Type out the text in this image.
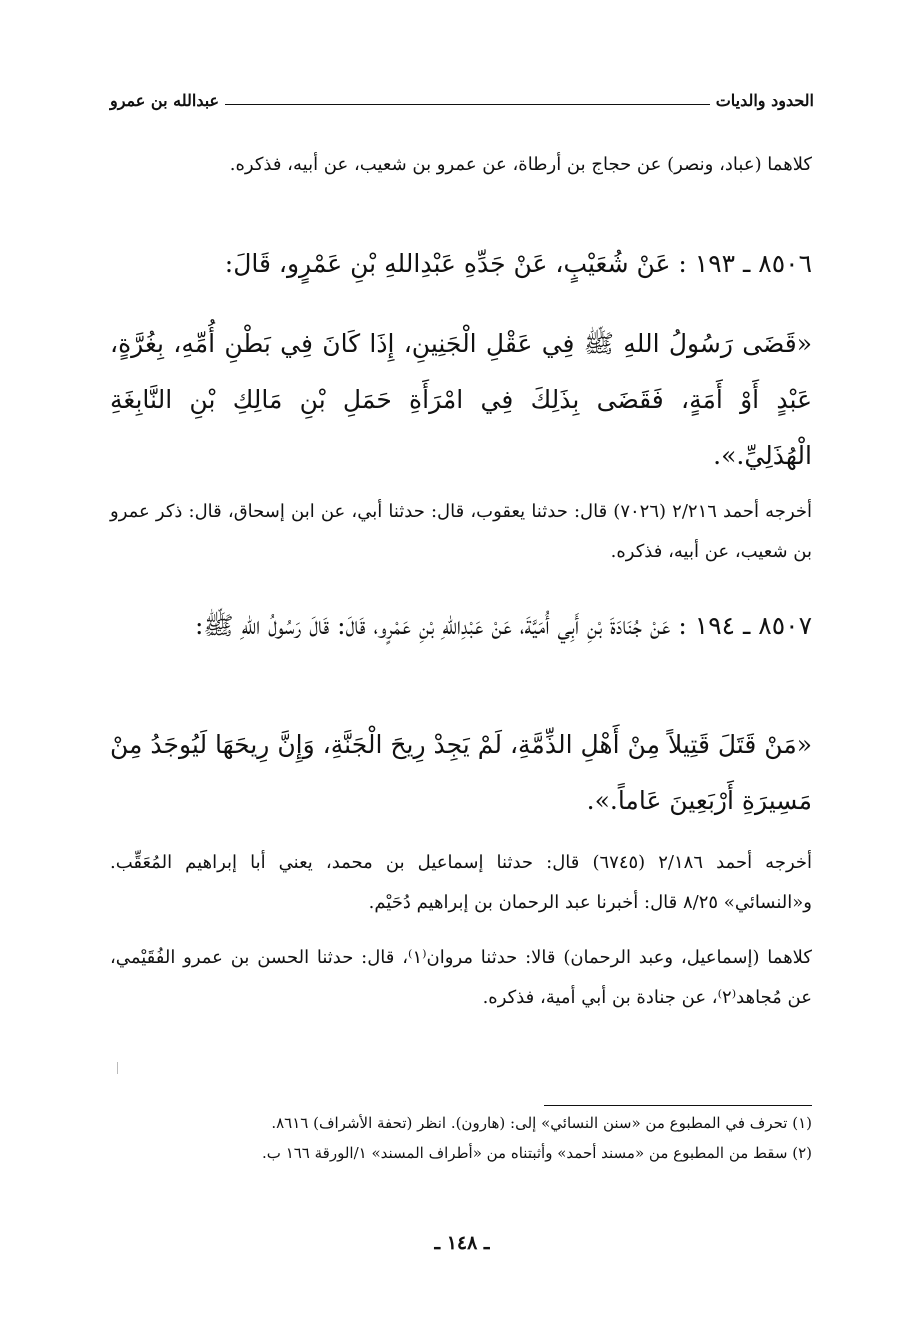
الحدود والديات
عبدالله بن عمرو
كلاهما (عباد، ونصر) عن حجاج بن أرطاة، عن عمرو بن شعيب، عن أبيه، فذكره.
٨٥٠٦ ـ ١٩٣ : عَنْ شُعَيْبٍ، عَنْ جَدِّهِ عَبْدِاللهِ بْنِ عَمْرٍو، قَالَ:
«قَضَى رَسُولُ اللهِ ﷺ فِي عَقْلِ الْجَنِينِ، إِذَا كَانَ فِي بَطْنِ أُمِّهِ، بِغُرَّةٍ، عَبْدٍ أَوْ أَمَةٍ، فَقَضَى بِذَلِكَ فِي امْرَأَةِ حَمَلِ بْنِ مَالِكِ بْنِ النَّابِغَةِ الْهُذَلِيِّ.».
أخرجه أحمد ٢/٢١٦ (٧٠٢٦) قال: حدثنا يعقوب، قال: حدثنا أبي، عن ابن إسحاق، قال: ذكر عمرو بن شعيب، عن أبيه، فذكره.
٨٥٠٧ ـ ١٩٤ : عَنْ جُنَادَةَ بْنِ أَبِي أُمَيَّةَ، عَنْ عَبْدِاللهِ بْنِ عَمْرٍو، قَالَ: قَالَ رَسُولُ اللهِ ﷺ:
«مَنْ قَتَلَ قَتِيلاً مِنْ أَهْلِ الذِّمَّةِ، لَمْ يَجِدْ رِيحَ الْجَنَّةِ، وَإِنَّ رِيحَهَا لَيُوجَدُ مِنْ مَسِيرَةِ أَرْبَعِينَ عَاماً.».
أخرجه أحمد ٢/١٨٦ (٦٧٤٥) قال: حدثنا إسماعيل بن محمد، يعني أبا إبراهيم المُعَقِّب. و«النسائي» ٨/٢٥ قال: أخبرنا عبد الرحمان بن إبراهيم دُحَيْم.
كلاهما (إسماعيل، وعبد الرحمان) قالا: حدثنا مروان⁽١⁾، قال: حدثنا الحسن بن عمرو الفُقَيْمي، عن مُجاهد⁽٢⁾، عن جنادة بن أبي أمية، فذكره.
(١) تحرف في المطبوع من «سنن النسائي» إلى: (هارون). انظر (تحفة الأشراف) ٨٦١٦.
(٢) سقط من المطبوع من «مسند أحمد» وأثبتناه من «أطراف المسند» ١/الورقة ١٦٦ ب.
ـ ١٤٨ ـ
